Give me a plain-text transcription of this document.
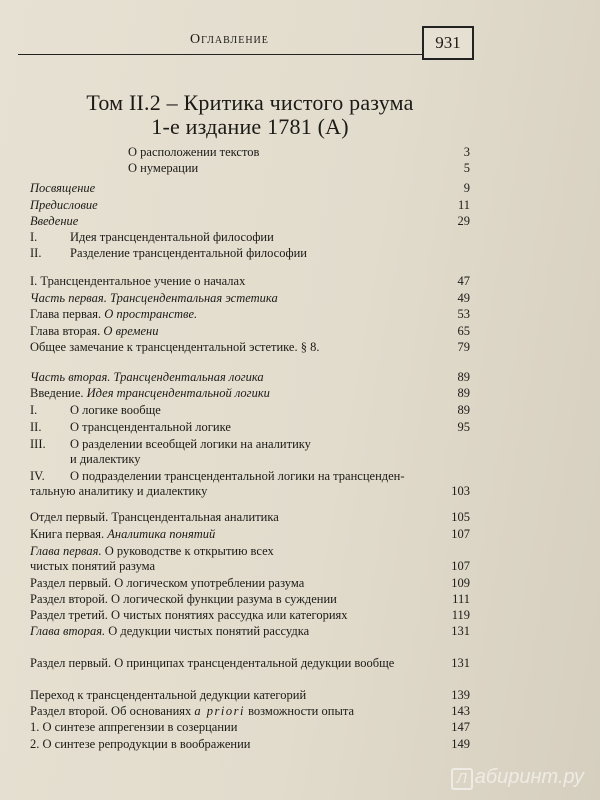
Оглавление	931
Том II.2 – Критика чистого разума
1-е издание 1781 (А)
О расположении текстов	3
О нумерации	5
Посвящение	9
Предисловие	11
Введение	29
I.	Идея трансцендентальной философии
II.	Разделение трансцендентальной философии
I. Трансцендентальное учение о началах	47
Часть первая. Трансцендентальная эстетика	49
Глава первая. О пространстве.	53
Глава вторая. О времени	65
Общее замечание к трансцендентальной эстетике. § 8.	79
Часть вторая. Трансцендентальная логика	89
Введение. Идея трансцендентальной логики	89
I.	О логике вообще	89
II.	О трансцендентальной логике	95
III.	О разделении всеобщей логики на аналитику
и диалектику
IV.	О подразделении трансцендентальной логики на трансценден-
тальную аналитику и диалектику	103
Отдел первый. Трансцендентальная аналитика	105
Книга первая. Аналитика понятий	107
Глава первая. О руководстве к открытию всех
чистых понятий разума	107
Раздел первый. О логическом употреблении разума	109
Раздел второй. О логической функции разума в суждении	111
Раздел третий. О чистых понятиях рассудка или категориях	119
Глава вторая. О дедукции чистых понятий рассудка	131
Раздел первый. О принципах трансцендентальной дедукции вообще	131
Переход к трансцендентальной дедукции категорий	139
Раздел второй. Об основаниях a priori возможности опыта	143
1. О синтезе аппрегензии в созерцании	147
2. О синтезе репродукции в воображении	149
Л абиринт.ру
